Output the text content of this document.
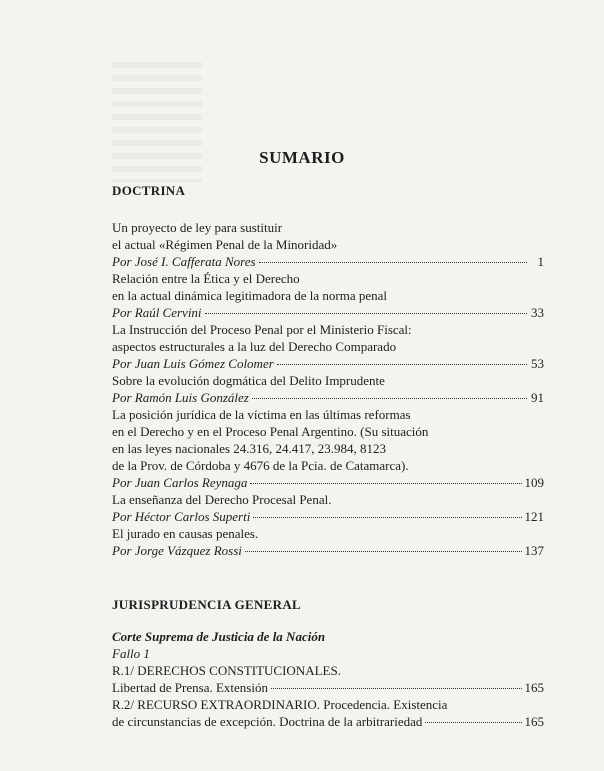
SUMARIO
DOCTRINA
Un proyecto de ley para sustituir
el actual «Régimen Penal de la Minoridad»
Por José I. Cafferata Nores	1
Relación entre la Ética y el Derecho
en la actual dinámica legitimadora de la norma penal
Por Raúl Cervini	33
La Instrucción del Proceso Penal por el Ministerio Fiscal:
aspectos estructurales a la luz del Derecho Comparado
Por Juan Luis Gómez Colomer	53
Sobre la evolución dogmática del Delito Imprudente
Por Ramón Luis González	91
La posición jurídica de la víctima en las últimas reformas
en el Derecho y en el Proceso Penal Argentino. (Su situación
en las leyes nacionales 24.316, 24.417, 23.984, 8123
de la Prov. de Córdoba y 4676 de la Pcia. de Catamarca).
Por Juan Carlos Reynaga	109
La enseñanza del Derecho Procesal Penal.
Por Héctor Carlos Superti	121
El jurado en causas penales.
Por Jorge Vázquez Rossi	137
JURISPRUDENCIA GENERAL
Corte Suprema de Justicia de la Nación
Fallo 1
R.1/ DERECHOS CONSTITUCIONALES.
Libertad de Prensa. Extensión	165
R.2/ RECURSO EXTRAORDINARIO. Procedencia. Existencia
de circunstancias de excepción. Doctrina de la arbitrariedad	165
